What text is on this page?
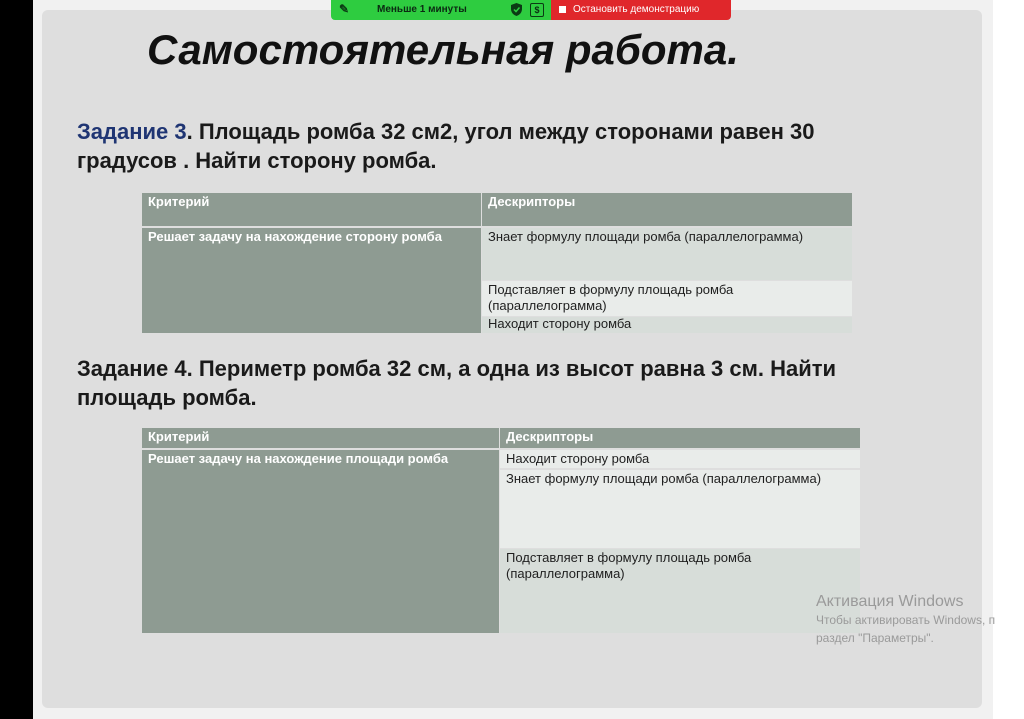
✎	Меньше 1 минуты	$	Остановить демонстрацию
Самостоятельная работа.
Задание 3. Площадь ромба 32 см2, угол между сторонами равен 30 градусов . Найти сторону ромба.
Критерий	Дескрипторы
Решает задачу на нахождение сторону ромба	Знает формулу площади ромба (параллелограмма)
Подставляет в формулу площадь ромба (параллелограмма)
Находит сторону ромба
Задание 4. Периметр ромба 32 см, а одна из высот равна 3 см. Найти площадь ромба.
Критерий	Дескрипторы
Решает задачу на нахождение площади ромба	Находит сторону ромба
Знает формулу площади ромба (параллелограмма)
Подставляет в формулу площадь ромба (параллелограмма)
Активация Windows
Чтобы активировать Windows, п
раздел "Параметры".
